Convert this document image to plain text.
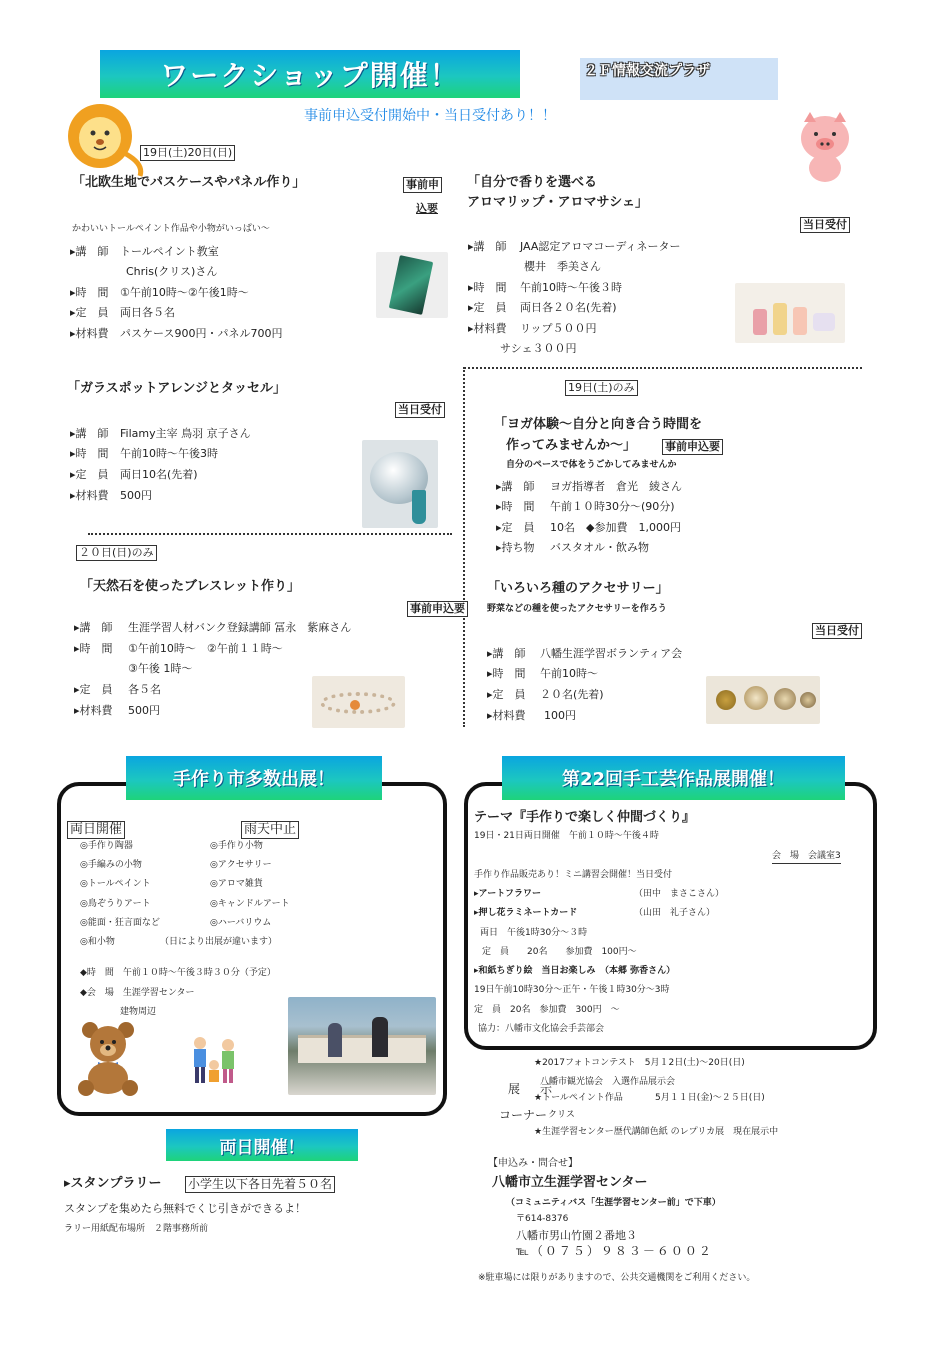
ワークショップ開催！	２Ｆ情報交流プラザ
事前申込受付開始中・当日受付あり！！
19日(土)20日(日)
「北欧生地でパスケースやパネル作り」	事前申
込要
かわいいトールペイント作品や小物がいっぱい～
▸講　師 トールペイント教室
Chris(クリス)さん
▸時　間 ①午前10時～②午後1時～
▸定　員 両日各５名
▸材料費 パスケース900円・パネル700円
「自分で香りを選べる
アロマリップ・アロマサシェ」
当日受付
▸講　師 JAA認定アロマコーディネーター
櫻井　季美さん
▸時　間 午前10時～午後３時
▸定　員 両日各２０名(先着)
▸材料費 リップ５００円
サシェ３００円
「ガラスポットアレンジとタッセル」
当日受付
▸講　師 Filamy主宰 鳥羽 京子さん
▸時　間 午前10時～午後3時
▸定　員 両日10名(先着)
▸材料費 500円
19日(土)のみ
「ヨガ体験～自分と向き合う時間を
作ってみませんか～」	事前申込要
自分のペースで体をうごかしてみませんか
▸講　師 ヨガ指導者　倉光　綾さん
▸時　間 午前１０時30分～(90分)
▸定　員 10名　◆参加費　1,000円
▸持ち物 バスタオル・飲み物
２０日(日)のみ
「天然石を使ったブレスレット作り」
事前申込要
▸講　師 生涯学習人材バンク登録講師 冨永　紫麻さん
▸時　間 ①午前10時～　②午前１１時～
③午後 1時～
▸定　員 各５名
▸材料費 500円
「いろいろ種のアクセサリー」
野菜などの種を使ったアクセサリーを作ろう
当日受付
▸講　師 八幡生涯学習ボランティア会
▸時　間 午前10時～
▸定　員 ２０名(先着)
▸材料費 100円
手作り市多数出展！
両日開催	雨天中止
◎手作り陶器
◎手編みの小物
◎トールペイント
◎鳥ぞうりアート
◎能面・狂言面など
◎和小物
◎手作り小物
◎アクセサリー
◎アロマ雑貨
◎キャンドルアート
◎ハーバリウム
（日により出展が違います）
◆時　間　午前１０時～午後３時３０分（予定）
◆会　場　生涯学習センター
建物周辺
第22回手工芸作品展開催！
テーマ『手作りで楽しく仲間づくり』
19日・21日両日開催　午前１０時～午後４時
会　場　会議室3
手作り作品販売あり！ミニ講習会開催！当日受付
▸アートフラワー	（田中　まさこさん）
▸押し花ラミネートカード	（山田　礼子さん）
両日　午後1時30分～３時
定　員　　20名　　参加費　100円～
▸和紙ちぎり絵　当日お楽しみ　（本郷 弥香さん）
19日午前10時30分～正午・午後１時30分～3時
定　員　20名　参加費　300円　～
協力：八幡市文化協会手芸部会
★2017フォトコンテスト　5月１2日(土)～20日(日)
展　示
八幡市観光協会　入選作品展示会
★トールペイント作品	5月１１日(金)～２５日(日)
コーナー クリス
★生涯学習センター歴代講師色紙 のレプリカ展　現在展示中
両日開催！
▸スタンプラリー 小学生以下各日先着５０名
スタンプを集めたら無料でくじ引きができるよ！
ラリー用紙配布場所　２階事務所前
【申込み・問合せ】
八幡市立生涯学習センター
（コミュニティバス「生涯学習センター前」で下車）
〒614-8376
八幡市男山竹園２番地３
℡（０７５）９８３－６００２
※駐車場には限りがありますので、公共交通機関をご利用ください。
